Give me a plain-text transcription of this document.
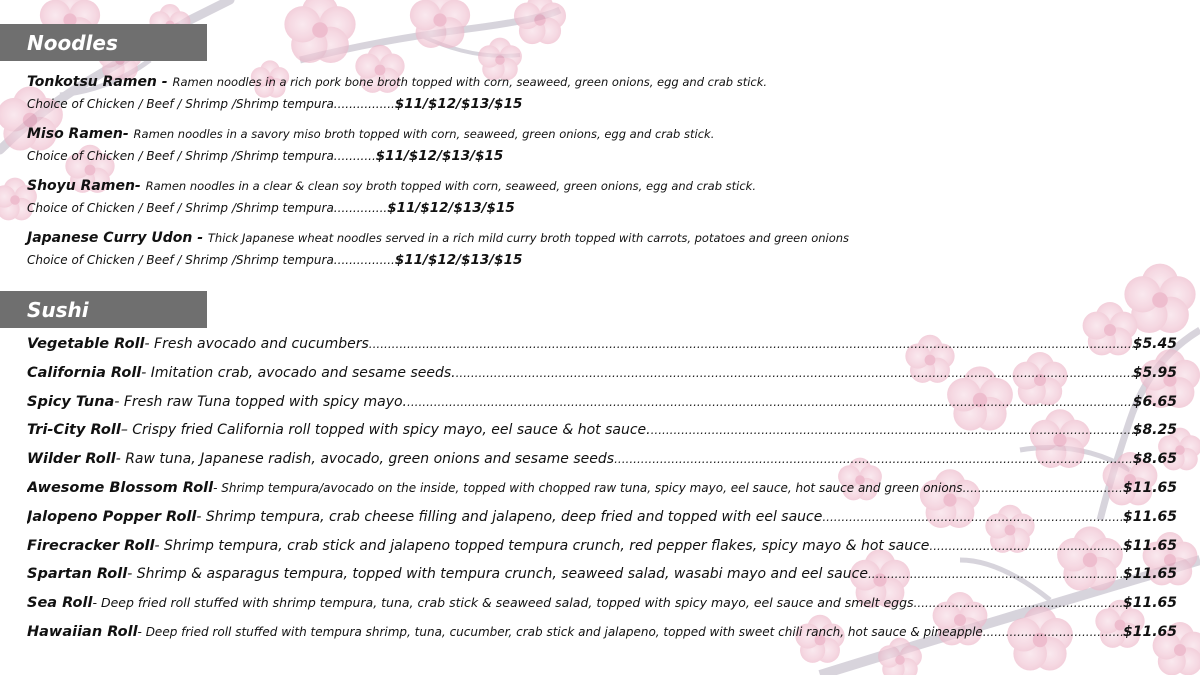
Noodles
Tonkotsu Ramen - Ramen noodles in a rich pork bone broth topped with corn, seaweed, green onions, egg and crab stick.
Choice of Chicken / Beef / Shrimp /Shrimp tempura................$11/$12/$13/$15
Miso Ramen- Ramen noodles in a savory miso broth topped with corn, seaweed, green onions, egg and crab stick.
Choice of Chicken / Beef / Shrimp /Shrimp tempura...........$11/$12/$13/$15
Shoyu Ramen- Ramen noodles in a clear & clean soy broth topped with corn, seaweed, green onions, egg and crab stick.
Choice of Chicken / Beef / Shrimp /Shrimp tempura..............$11/$12/$13/$15
Japanese Curry Udon - Thick Japanese wheat noodles served in a rich mild curry broth topped with carrots, potatoes and green onions
Choice of Chicken / Beef / Shrimp /Shrimp tempura................$11/$12/$13/$15
Sushi
Vegetable Roll - Fresh avocado and cucumbers .....	$5.45
California Roll - Imitation crab, avocado and sesame seeds. .....	$5.95
Spicy Tuna - Fresh raw Tuna topped with spicy mayo. .....	$6.65
Tri-City Roll – Crispy fried California roll topped with spicy mayo, eel sauce & hot sauce. .....	$8.25
Wilder Roll - Raw tuna, Japanese radish, avocado, green onions and sesame seeds .....	$8.65
Awesome Blossom Roll - Shrimp tempura/avocado on the inside, topped with chopped raw tuna, spicy mayo, eel sauce, hot sauce and green onions .....	$11.65
Jalopeno Popper Roll - Shrimp tempura, crab cheese filling and jalapeno, deep fried and topped with eel sauce .....	$11.65
Firecracker Roll - Shrimp tempura, crab stick and jalapeno topped tempura crunch, red pepper flakes, spicy mayo & hot sauce .....	$11.65
Spartan Roll - Shrimp & asparagus tempura, topped with tempura crunch, seaweed salad, wasabi mayo and eel sauce .....	$11.65
Sea Roll - Deep fried roll stuffed with shrimp tempura, tuna, crab stick & seaweed salad, topped with spicy mayo, eel sauce and smelt eggs .....	$11.65
Hawaiian Roll - Deep fried roll stuffed with tempura shrimp, tuna, cucumber, crab stick and jalapeno, topped with sweet chili ranch, hot sauce & pineapple .....	$11.65
